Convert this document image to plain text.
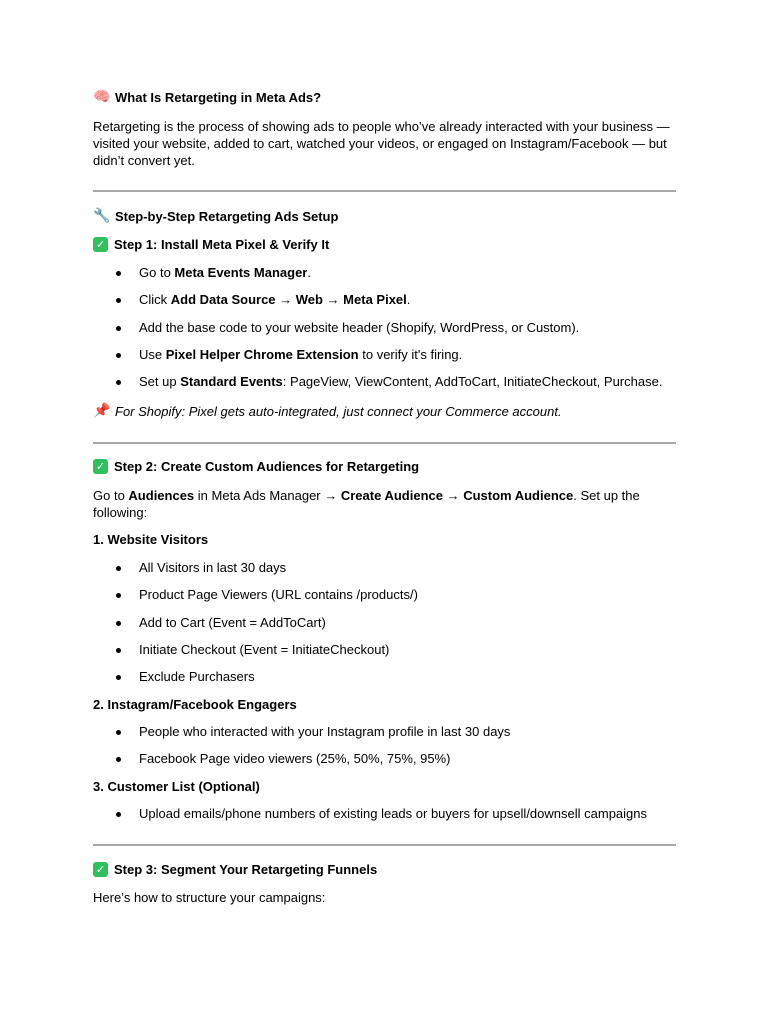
🧠 What Is Retargeting in Meta Ads?
Retargeting is the process of showing ads to people who’ve already interacted with your business —
visited your website, added to cart, watched your videos, or engaged on Instagram/Facebook — but
didn’t convert yet.
🔧 Step-by-Step Retargeting Ads Setup
✓ Step 1: Install Meta Pixel & Verify It
Go to Meta Events Manager.
Click Add Data Source → Web → Meta Pixel.
Add the base code to your website header (Shopify, WordPress, or Custom).
Use Pixel Helper Chrome Extension to verify it's firing.
Set up Standard Events: PageView, ViewContent, AddToCart, InitiateCheckout, Purchase.
📌 For Shopify: Pixel gets auto-integrated, just connect your Commerce account.
✓ Step 2: Create Custom Audiences for Retargeting
Go to Audiences in Meta Ads Manager → Create Audience → Custom Audience. Set up the
following:
1. Website Visitors
All Visitors in last 30 days
Product Page Viewers (URL contains /products/)
Add to Cart (Event = AddToCart)
Initiate Checkout (Event = InitiateCheckout)
Exclude Purchasers
2. Instagram/Facebook Engagers
People who interacted with your Instagram profile in last 30 days
Facebook Page video viewers (25%, 50%, 75%, 95%)
3. Customer List (Optional)
Upload emails/phone numbers of existing leads or buyers for upsell/downsell campaigns
✓ Step 3: Segment Your Retargeting Funnels
Here’s how to structure your campaigns:
